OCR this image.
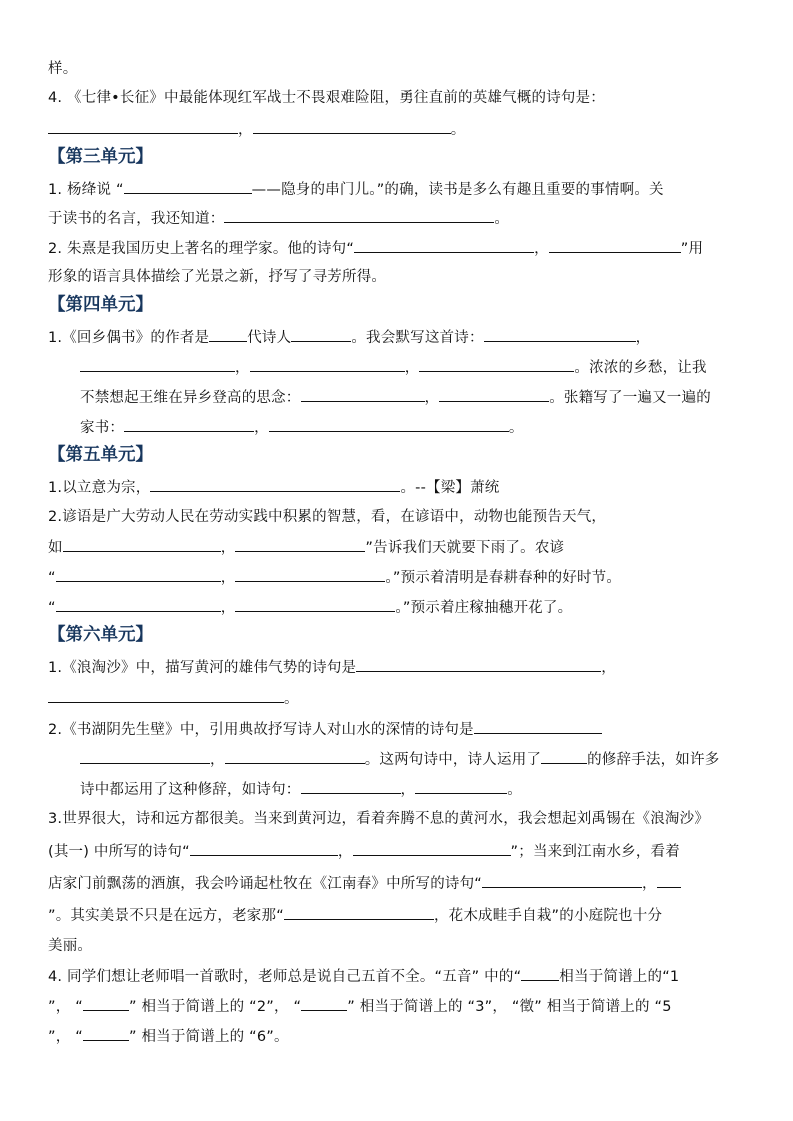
样。
4. 《七律•长征》中最能体现红军战士不畏艰难险阻，勇往直前的英雄气概的诗句是：
，	。
【第三单元】
1. 杨绛说 “	——隐身的串门儿。”的确，读书是多么有趣且重要的事情啊。关
于读书的名言，我还知道：	。
2. 朱熹是我国历史上著名的理学家。他的诗句“	，	”用
形象的语言具体描绘了光景之新，抒写了寻芳所得。
【第四单元】
1.《回乡偶书》的作者是	代诗人	。我会默写这首诗：	，
，	，	。浓浓的乡愁，让我
不禁想起王维在异乡登高的思念：	，	。张籍写了一遍又一遍的
家书：	，	。
【第五单元】
1.以立意为宗，	。--【梁】萧统
2.谚语是广大劳动人民在劳动实践中积累的智慧，看，在谚语中，动物也能预告天气，
如	，	”告诉我们天就要下雨了。农谚
“	，	。”预示着清明是春耕春种的好时节。
“	，	。”预示着庄稼抽穗开花了。
【第六单元】
1.《浪淘沙》中，描写黄河的雄伟气势的诗句是	，
。
2.《书湖阴先生壁》中，引用典故抒写诗人对山水的深情的诗句是
，	。这两句诗中，诗人运用了	的修辞手法，如许多
诗中都运用了这种修辞，如诗句：	，	。
3.世界很大，诗和远方都很美。当来到黄河边，看着奔腾不息的黄河水，我会想起刘禹锡在《浪淘沙》
(其一) 中所写的诗句“	，	”；当来到江南水乡，看着
店家门前飘荡的酒旗，我会吟诵起杜牧在《江南春》中所写的诗句“	，
”。其实美景不只是在远方，老家那“	，花木成畦手自栽”的小庭院也十分
美丽。
4. 同学们想让老师唱一首歌时，老师总是说自己五首不全。“五音” 中的“	相当于简谱上的“1
”， “	” 相当于简谱上的 “2”， “	” 相当于简谱上的 “3”， “徵” 相当于简谱上的 “5
”， “	” 相当于简谱上的 “6”。
